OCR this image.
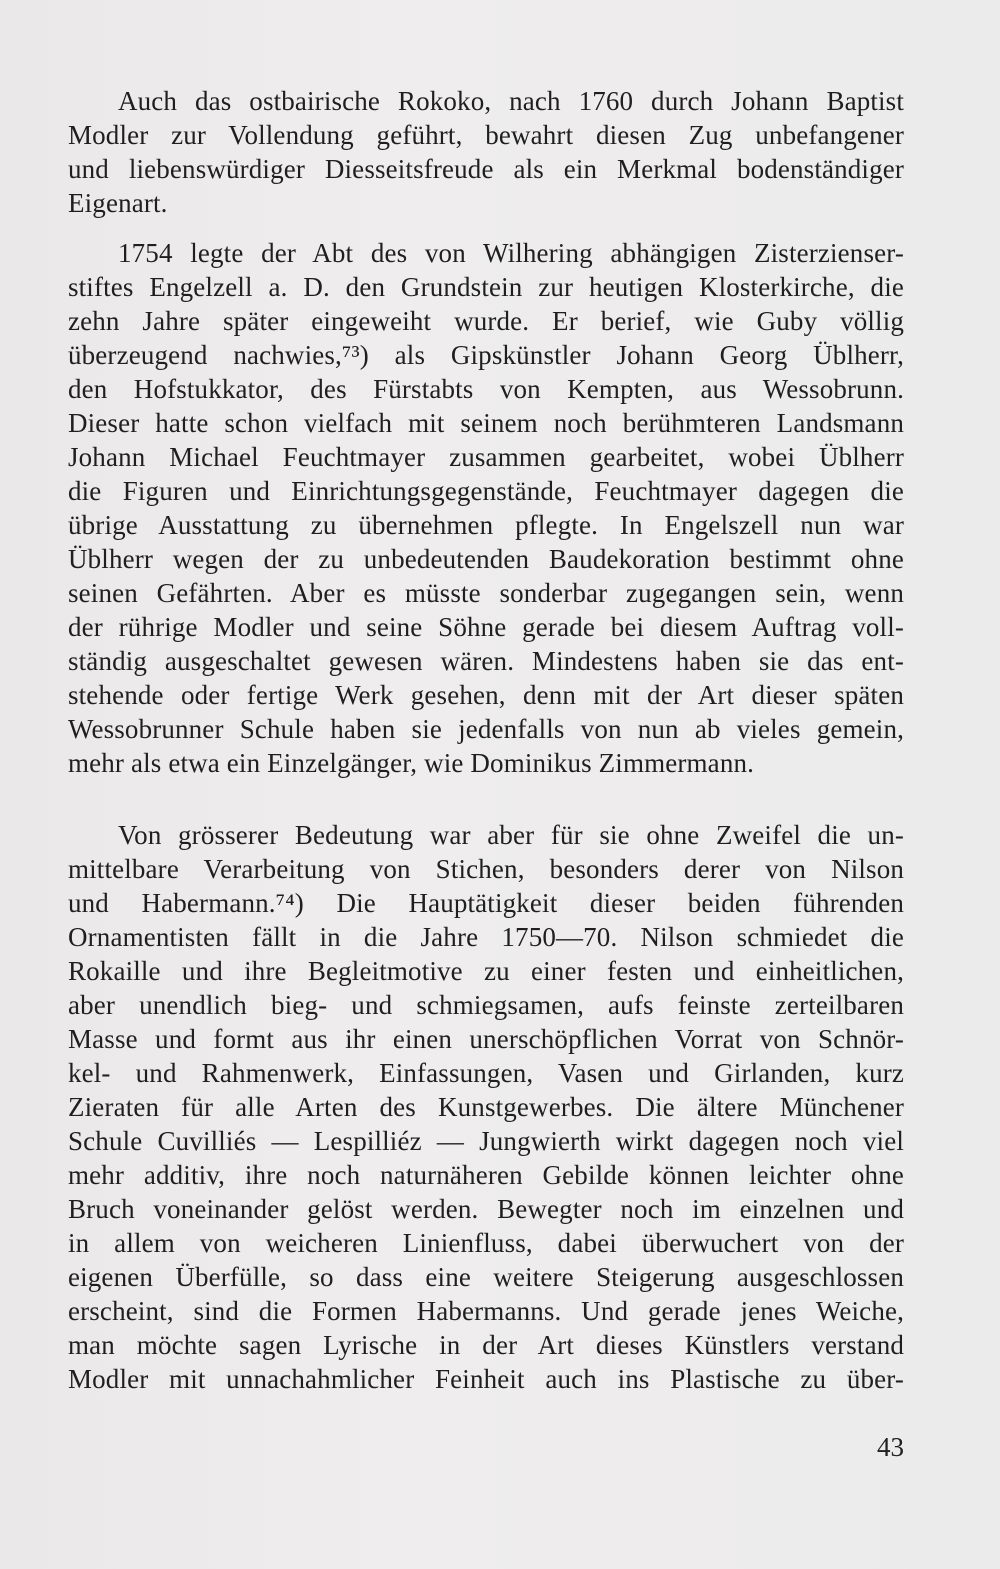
Auch das ostbairische Rokoko, nach 1760 durch Johann Baptist
Modler zur Vollendung geführt, bewahrt diesen Zug unbefangener
und liebenswürdiger Diesseitsfreude als ein Merkmal bodenständiger
Eigenart.
1754 legte der Abt des von Wilhering abhängigen Zisterzienser-
stiftes Engelzell a. D. den Grundstein zur heutigen Klosterkirche, die
zehn Jahre später eingeweiht wurde. Er berief, wie Guby völlig
überzeugend nachwies,⁷³) als Gipskünstler Johann Georg Üblherr,
den Hofstukkator, des Fürstabts von Kempten, aus Wessobrunn.
Dieser hatte schon vielfach mit seinem noch berühmteren Landsmann
Johann Michael Feuchtmayer zusammen gearbeitet, wobei Üblherr
die Figuren und Einrichtungsgegenstände, Feuchtmayer dagegen die
übrige Ausstattung zu übernehmen pflegte. In Engelszell nun war
Üblherr wegen der zu unbedeutenden Baudekoration bestimmt ohne
seinen Gefährten. Aber es müsste sonderbar zugegangen sein, wenn
der rührige Modler und seine Söhne gerade bei diesem Auftrag voll-
ständig ausgeschaltet gewesen wären. Mindestens haben sie das ent-
stehende oder fertige Werk gesehen, denn mit der Art dieser späten
Wessobrunner Schule haben sie jedenfalls von nun ab vieles gemein,
mehr als etwa ein Einzelgänger, wie Dominikus Zimmermann.
Von grösserer Bedeutung war aber für sie ohne Zweifel die un-
mittelbare Verarbeitung von Stichen, besonders derer von Nilson
und Habermann.⁷⁴) Die Hauptätigkeit dieser beiden führenden
Ornamentisten fällt in die Jahre 1750—70. Nilson schmiedet die
Rokaille und ihre Begleitmotive zu einer festen und einheitlichen,
aber unendlich bieg- und schmiegsamen, aufs feinste zerteilbaren
Masse und formt aus ihr einen unerschöpflichen Vorrat von Schnör-
kel- und Rahmenwerk, Einfassungen, Vasen und Girlanden, kurz
Zieraten für alle Arten des Kunstgewerbes. Die ältere Münchener
Schule Cuvilliés — Lespilliéz — Jungwierth wirkt dagegen noch viel
mehr additiv, ihre noch naturnäheren Gebilde können leichter ohne
Bruch voneinander gelöst werden. Bewegter noch im einzelnen und
in allem von weicheren Linienfluss, dabei überwuchert von der
eigenen Überfülle, so dass eine weitere Steigerung ausgeschlossen
erscheint, sind die Formen Habermanns. Und gerade jenes Weiche,
man möchte sagen Lyrische in der Art dieses Künstlers verstand
Modler mit unnachahmlicher Feinheit auch ins Plastische zu über-
43
